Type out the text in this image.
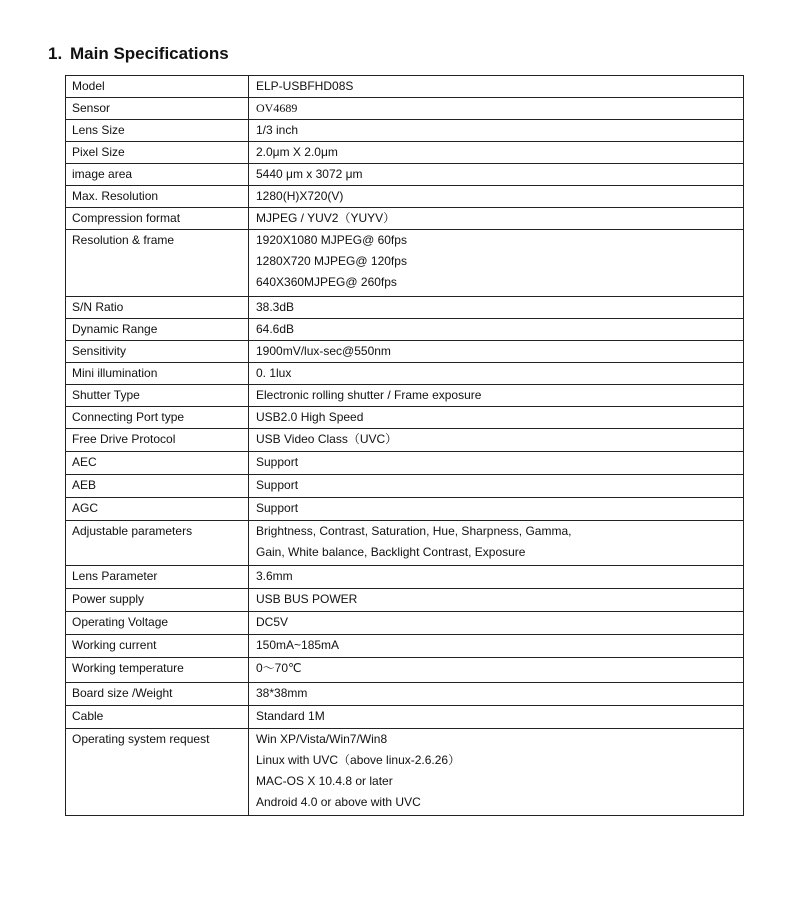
1. Main Specifications
Model	ELP-USBFHD08S

Sensor	OV4689

Lens Size	1/3 inch

Pixel Size	2.0μm X 2.0μm

image area	5440 μm x 3072 μm

Max. Resolution	1280(H)X720(V)

Compression format	MJPEG / YUV2（YUYV）

Resolution & frame	1920X1080 MJPEG@ 60fps
1280X720 MJPEG@ 120fps
640X360MJPEG@ 260fps

S/N Ratio	38.3dB

Dynamic Range	64.6dB

Sensitivity	1900mV/lux-sec@550nm

Mini illumination	0. 1lux

Shutter Type	Electronic rolling shutter / Frame exposure

Connecting Port type	USB2.0 High Speed

Free Drive Protocol	USB Video Class（UVC）

AEC	Support

AEB	Support

AGC	Support

Adjustable parameters	Brightness, Contrast, Saturation, Hue, Sharpness, Gamma,
Gain, White balance, Backlight Contrast, Exposure

Lens Parameter	3.6mm

Power supply	USB BUS POWER

Operating Voltage	DC5V

Working current	150mA~185mA

Working temperature	0～70℃

Board size /Weight	38*38mm

Cable	Standard 1M

Operating system request	Win XP/Vista/Win7/Win8
Linux with UVC（above linux-2.6.26）
MAC-OS X 10.4.8 or later
Android 4.0 or above with UVC
